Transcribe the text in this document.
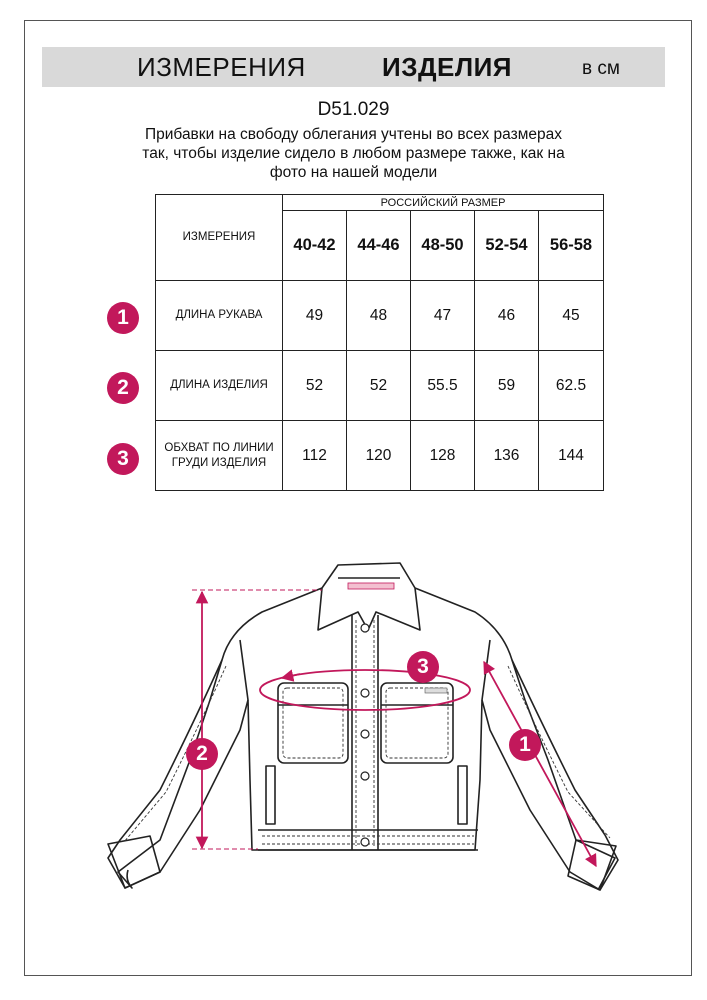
ИЗМЕРЕНИЯ	ИЗДЕЛИЯ	в см
D51.029
Прибавки на свободу облегания учтены во всех размерах
так, чтобы изделие сидело в любом размере также, как на
фото на нашей модели
ИЗМЕРЕНИЯ	РОССИЙСКИЙ РАЗМЕР				
	40-42	44-46	48-50	52-54	56-58
ДЛИНА РУКАВА	49	48	47	46	45
ДЛИНА ИЗДЕЛИЯ	52	52	55.5	59	62.5
ОБХВАТ ПО ЛИНИИ
ГРУДИ ИЗДЕЛИЯ	112	120	128	136	144
1
2
3
2
3
1
